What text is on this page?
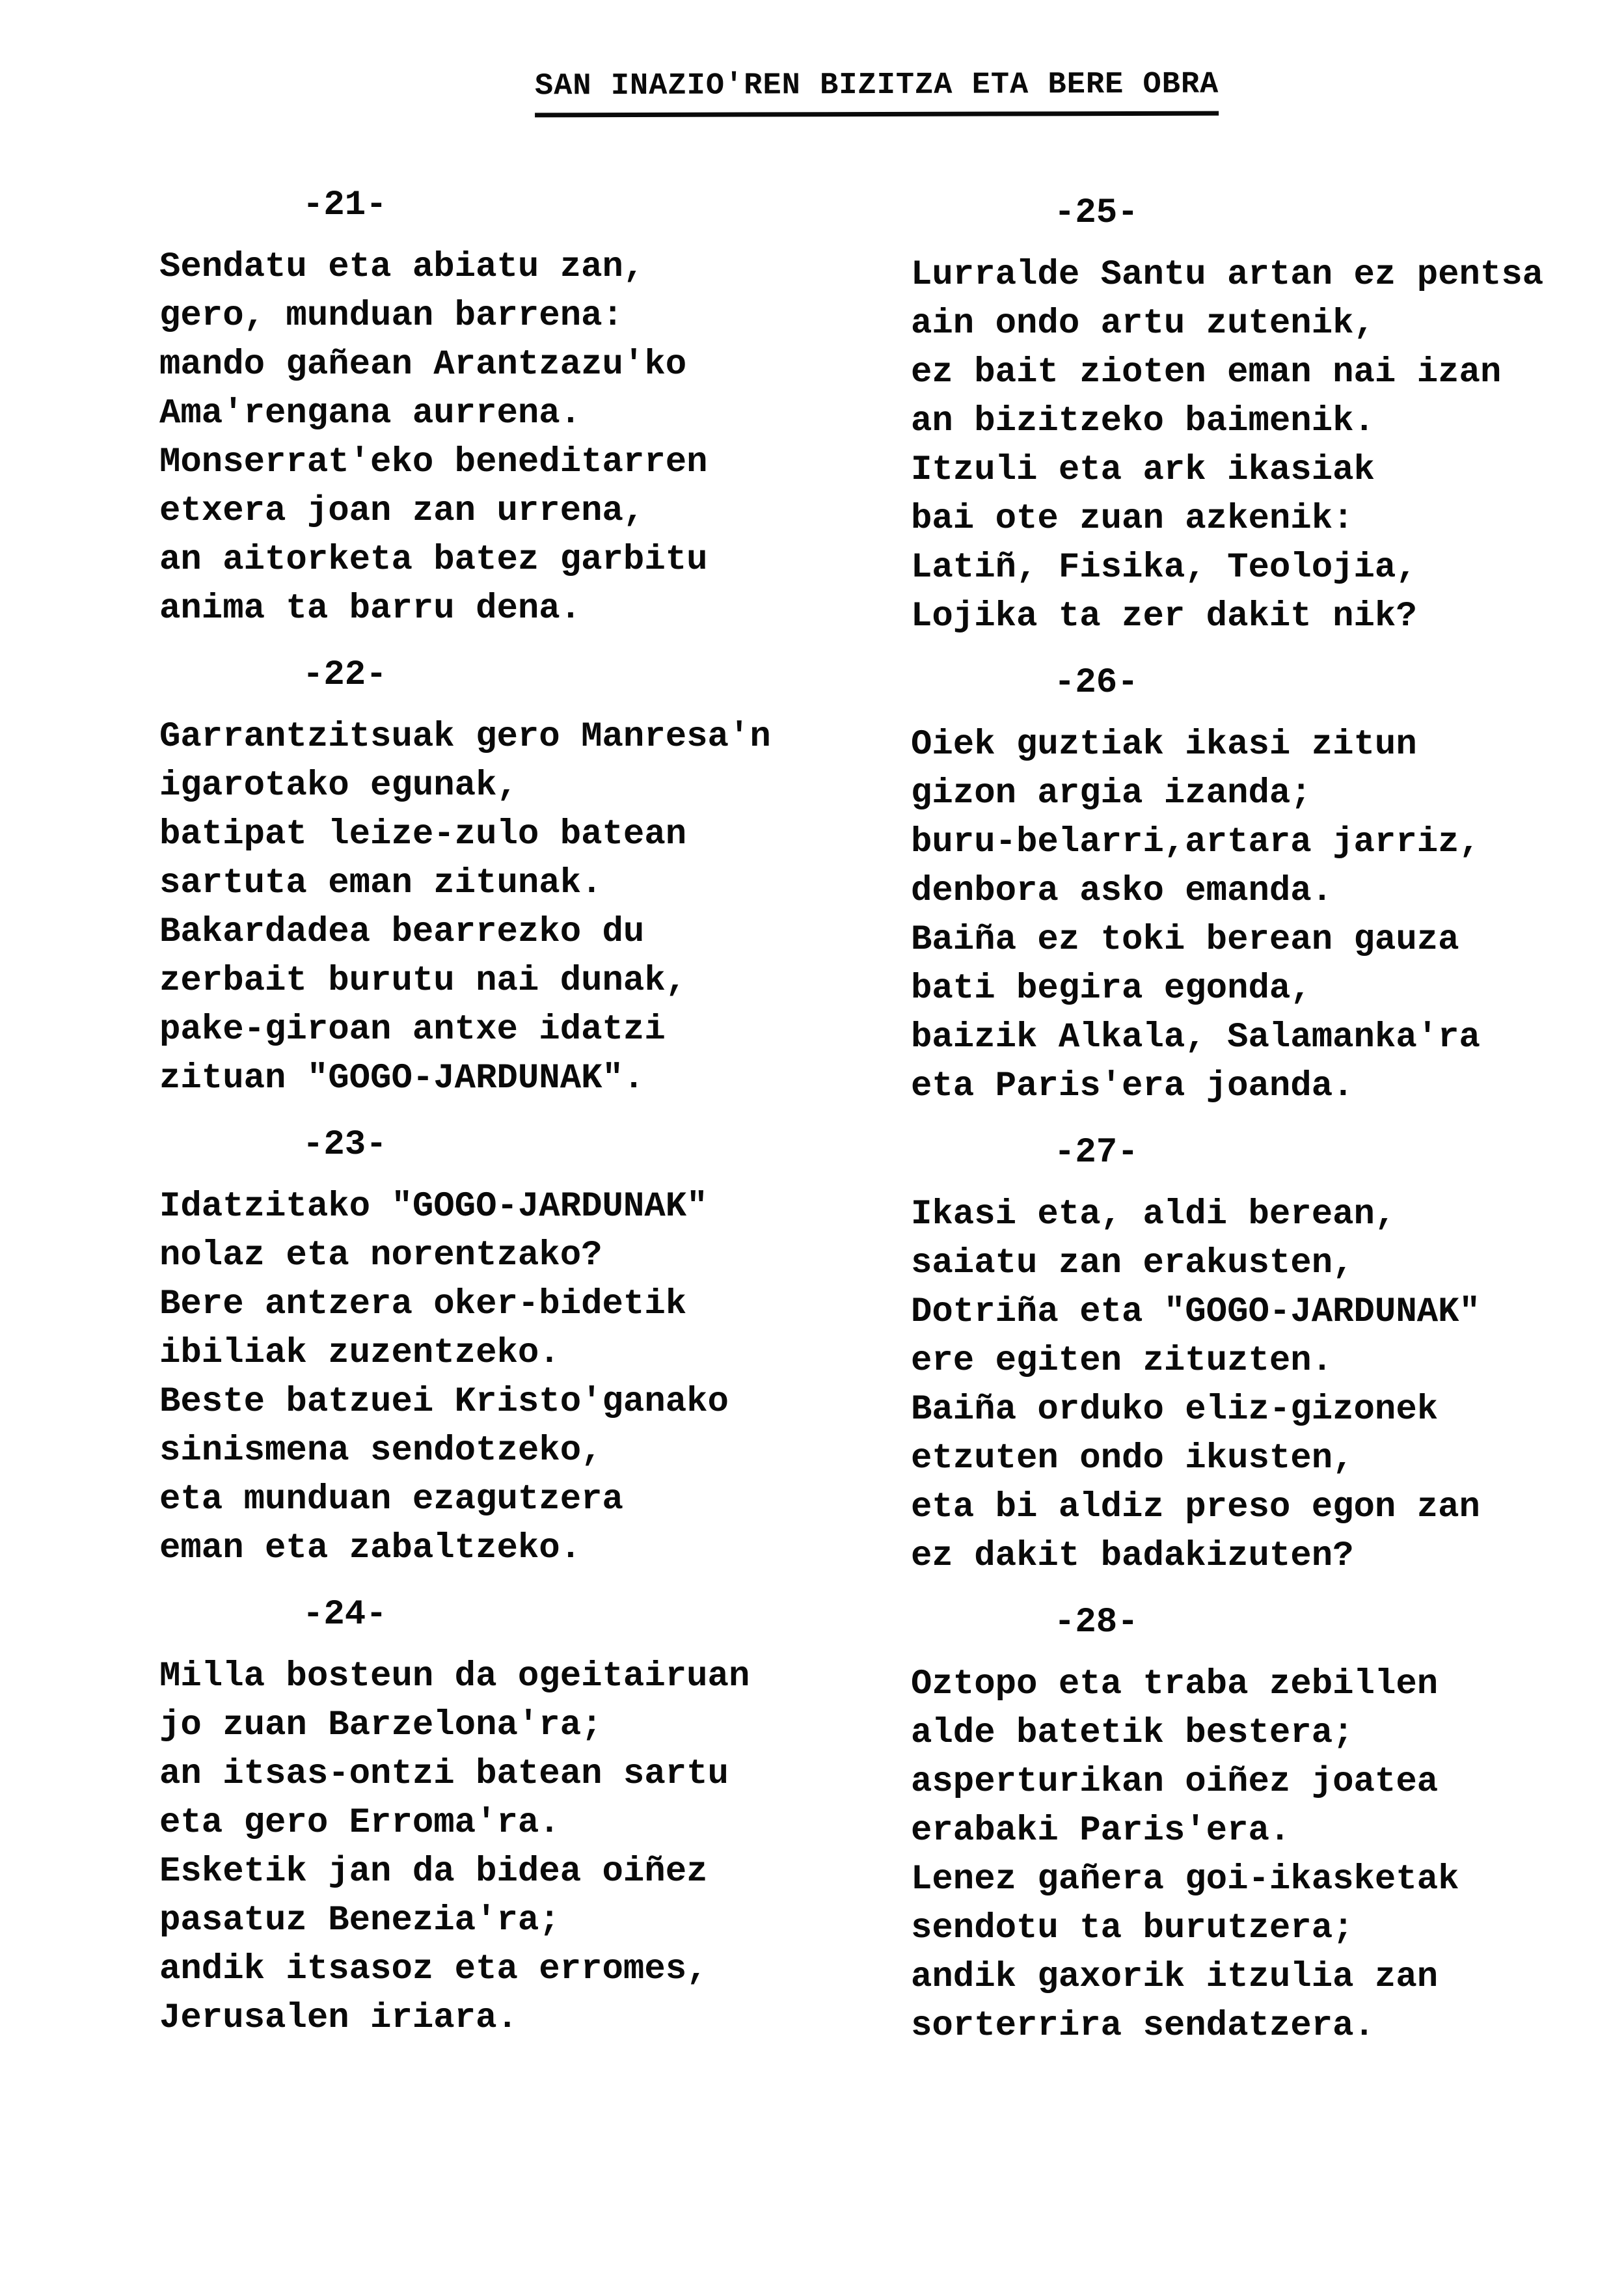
SAN INAZIO'REN BIZITZA ETA BERE OBRA
-21-
Sendatu eta abiatu zan,
gero, munduan barrena:
mando gañean Arantzazu'ko
Ama'rengana aurrena.
Monserrat'eko beneditarren
etxera joan zan urrena,
an aitorketa batez garbitu
anima ta barru dena.
-22-
Garrantzitsuak gero Manresa'n
igarotako egunak,
batipat leize-zulo batean
sartuta eman zitunak.
Bakardadea bearrezko du
zerbait burutu nai dunak,
pake-giroan antxe idatzi
zituan "GOGO-JARDUNAK".
-23-
Idatzitako "GOGO-JARDUNAK"
nolaz eta norentzako?
Bere antzera oker-bidetik
ibiliak zuzentzeko.
Beste batzuei Kristo'ganako
sinismena sendotzeko,
eta munduan ezagutzera
eman eta zabaltzeko.
-24-
Milla bosteun da ogeitairuan
jo zuan Barzelona'ra;
an itsas-ontzi batean sartu
eta gero Erroma'ra.
Esketik jan da bidea oiñez
pasatuz Benezia'ra;
andik itsasoz eta erromes,
Jerusalen iriara.
-25-
Lurralde Santu artan ez pentsa
ain ondo artu zutenik,
ez bait zioten eman nai izan
an bizitzeko baimenik.
Itzuli eta ark ikasiak
bai ote zuan azkenik:
Latiñ, Fisika, Teolojia,
Lojika ta zer dakit nik?
-26-
Oiek guztiak ikasi zitun
gizon argia izanda;
buru-belarri,artara jarriz,
denbora asko emanda.
Baiña ez toki berean gauza
bati begira egonda,
baizik Alkala, Salamanka'ra
eta Paris'era joanda.
-27-
Ikasi eta, aldi berean,
saiatu zan erakusten,
Dotriña eta "GOGO-JARDUNAK"
ere egiten zituzten.
Baiña orduko eliz-gizonek
etzuten ondo ikusten,
eta bi aldiz preso egon zan
ez dakit badakizuten?
-28-
Oztopo eta traba zebillen
alde batetik bestera;
asperturikan oiñez joatea
erabaki Paris'era.
Lenez gañera goi-ikasketak
sendotu ta burutzera;
andik gaxorik itzulia zan
sorterrira sendatzera.
